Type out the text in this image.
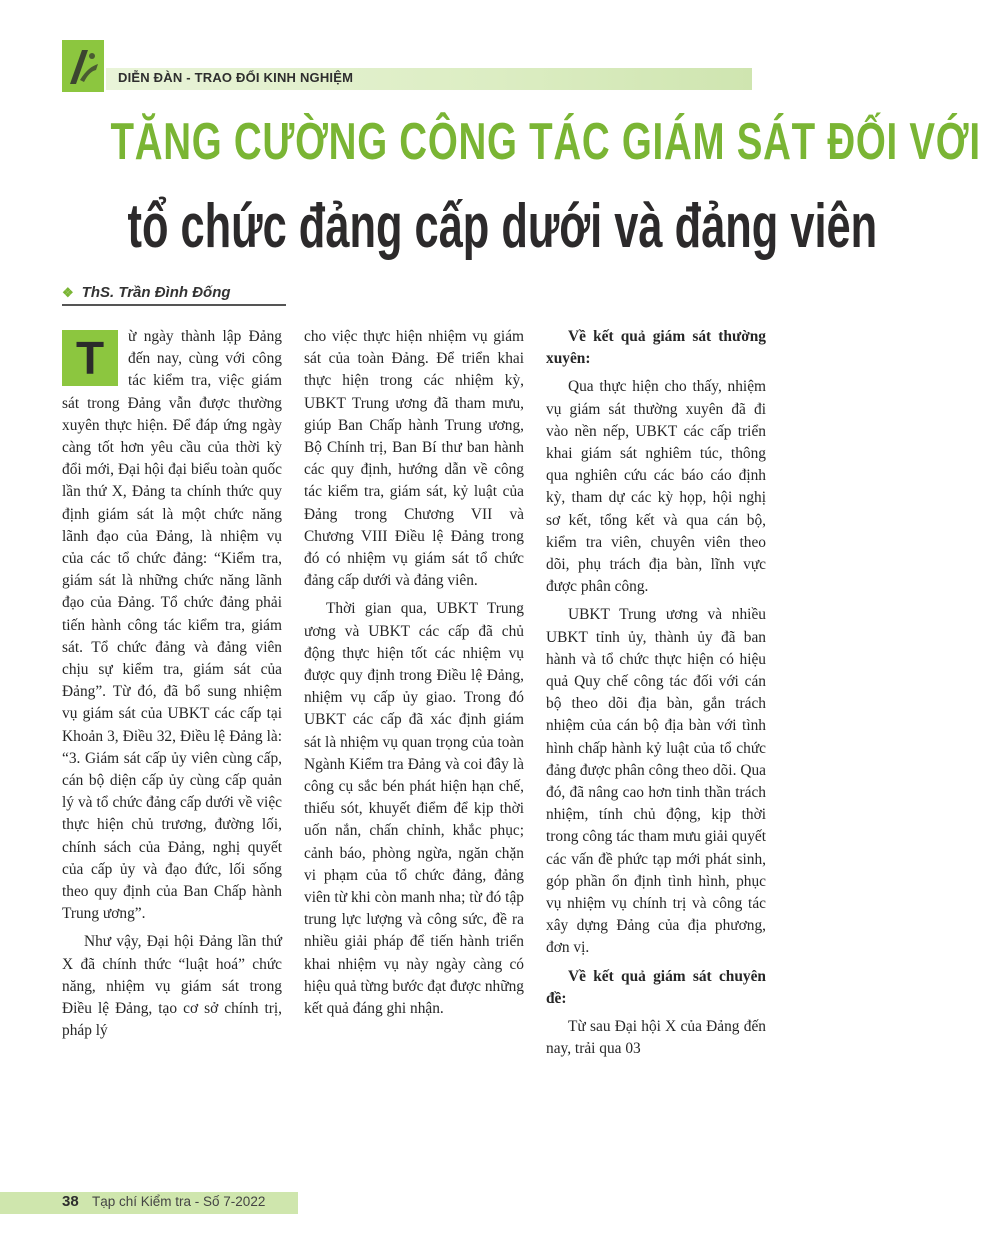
DIỄN ĐÀN - TRAO ĐỔI KINH NGHIỆM
TĂNG CƯỜNG CÔNG TÁC GIÁM SÁT ĐỐI VỚI
tổ chức đảng cấp dưới và đảng viên
❖ ThS. Trần Đình Đống

T	ừ ngày thành lập Đảng đến nay, cùng với công tác kiểm tra, việc giám sát trong Đảng vẫn được thường xuyên thực hiện. Để đáp ứng ngày càng tốt hơn yêu cầu của thời kỳ đổi mới, Đại hội đại biểu toàn quốc lần thứ X, Đảng ta chính thức quy định giám sát là một chức năng lãnh đạo của Đảng, là nhiệm vụ của các tổ chức đảng: “Kiểm tra, giám sát là những chức năng lãnh đạo của Đảng. Tổ chức đảng phải tiến hành công tác kiểm tra, giám sát. Tổ chức đảng và đảng viên chịu sự kiểm tra, giám sát của Đảng”. Từ đó, đã bổ sung nhiệm vụ giám sát của UBKT các cấp tại Khoản 3, Điều 32, Điều lệ Đảng là: “3. Giám sát cấp ủy viên cùng cấp, cán bộ diện cấp ủy cùng cấp quản lý và tổ chức đảng cấp dưới về việc thực hiện chủ trương, đường lối, chính sách của Đảng, nghị quyết của cấp ủy và đạo đức, lối sống theo quy định của Ban Chấp hành Trung ương”.

Như vậy, Đại hội Đảng lần thứ X đã chính thức “luật hoá” chức năng, nhiệm vụ giám sát trong Điều lệ Đảng, tạo cơ sở chính trị, pháp lý

cho việc thực hiện nhiệm vụ giám sát của toàn Đảng. Để triển khai thực hiện trong các nhiệm kỳ, UBKT Trung ương đã tham mưu, giúp Ban Chấp hành Trung ương, Bộ Chính trị, Ban Bí thư ban hành các quy định, hướng dẫn về công tác kiểm tra, giám sát, kỷ luật của Đảng trong Chương VII và Chương VIII Điều lệ Đảng trong đó có nhiệm vụ giám sát tổ chức đảng cấp dưới và đảng viên.

Thời gian qua, UBKT Trung ương và UBKT các cấp đã chủ động thực hiện tốt các nhiệm vụ được quy định trong Điều lệ Đảng, nhiệm vụ cấp ủy giao. Trong đó UBKT các cấp đã xác định giám sát là nhiệm vụ quan trọng của toàn Ngành Kiểm tra Đảng và coi đây là công cụ sắc bén phát hiện hạn chế, thiếu sót, khuyết điểm để kịp thời uốn nắn, chấn chỉnh, khắc phục; cảnh báo, phòng ngừa, ngăn chặn vi phạm của tổ chức đảng, đảng viên từ khi còn manh nha; từ đó tập trung lực lượng và công sức, đề ra nhiều giải pháp để tiến hành triển khai nhiệm vụ này ngày càng có hiệu quả từng bước đạt được những kết quả đáng ghi nhận.

Về kết quả giám sát thường xuyên:

Qua thực hiện cho thấy, nhiệm vụ giám sát thường xuyên đã đi vào nền nếp, UBKT các cấp triển khai giám sát nghiêm túc, thông qua nghiên cứu các báo cáo định kỳ, tham dự các kỳ họp, hội nghị sơ kết, tổng kết và qua cán bộ, kiểm tra viên, chuyên viên theo dõi, phụ trách địa bàn, lĩnh vực được phân công.

UBKT Trung ương và nhiều UBKT tỉnh ủy, thành ủy đã ban hành và tổ chức thực hiện có hiệu quả Quy chế công tác đối với cán bộ theo dõi địa bàn, gắn trách nhiệm của cán bộ địa bàn với tình hình chấp hành kỷ luật của tổ chức đảng được phân công theo dõi. Qua đó, đã nâng cao hơn tinh thần trách nhiệm, tính chủ động, kịp thời trong công tác tham mưu giải quyết các vấn đề phức tạp mới phát sinh, góp phần ổn định tình hình, phục vụ nhiệm vụ chính trị và công tác xây dựng Đảng của địa phương, đơn vị.

Về kết quả giám sát chuyên đề:

Từ sau Đại hội X của Đảng đến nay, trải qua 03

38 Tạp chí Kiểm tra - Số 7-2022
